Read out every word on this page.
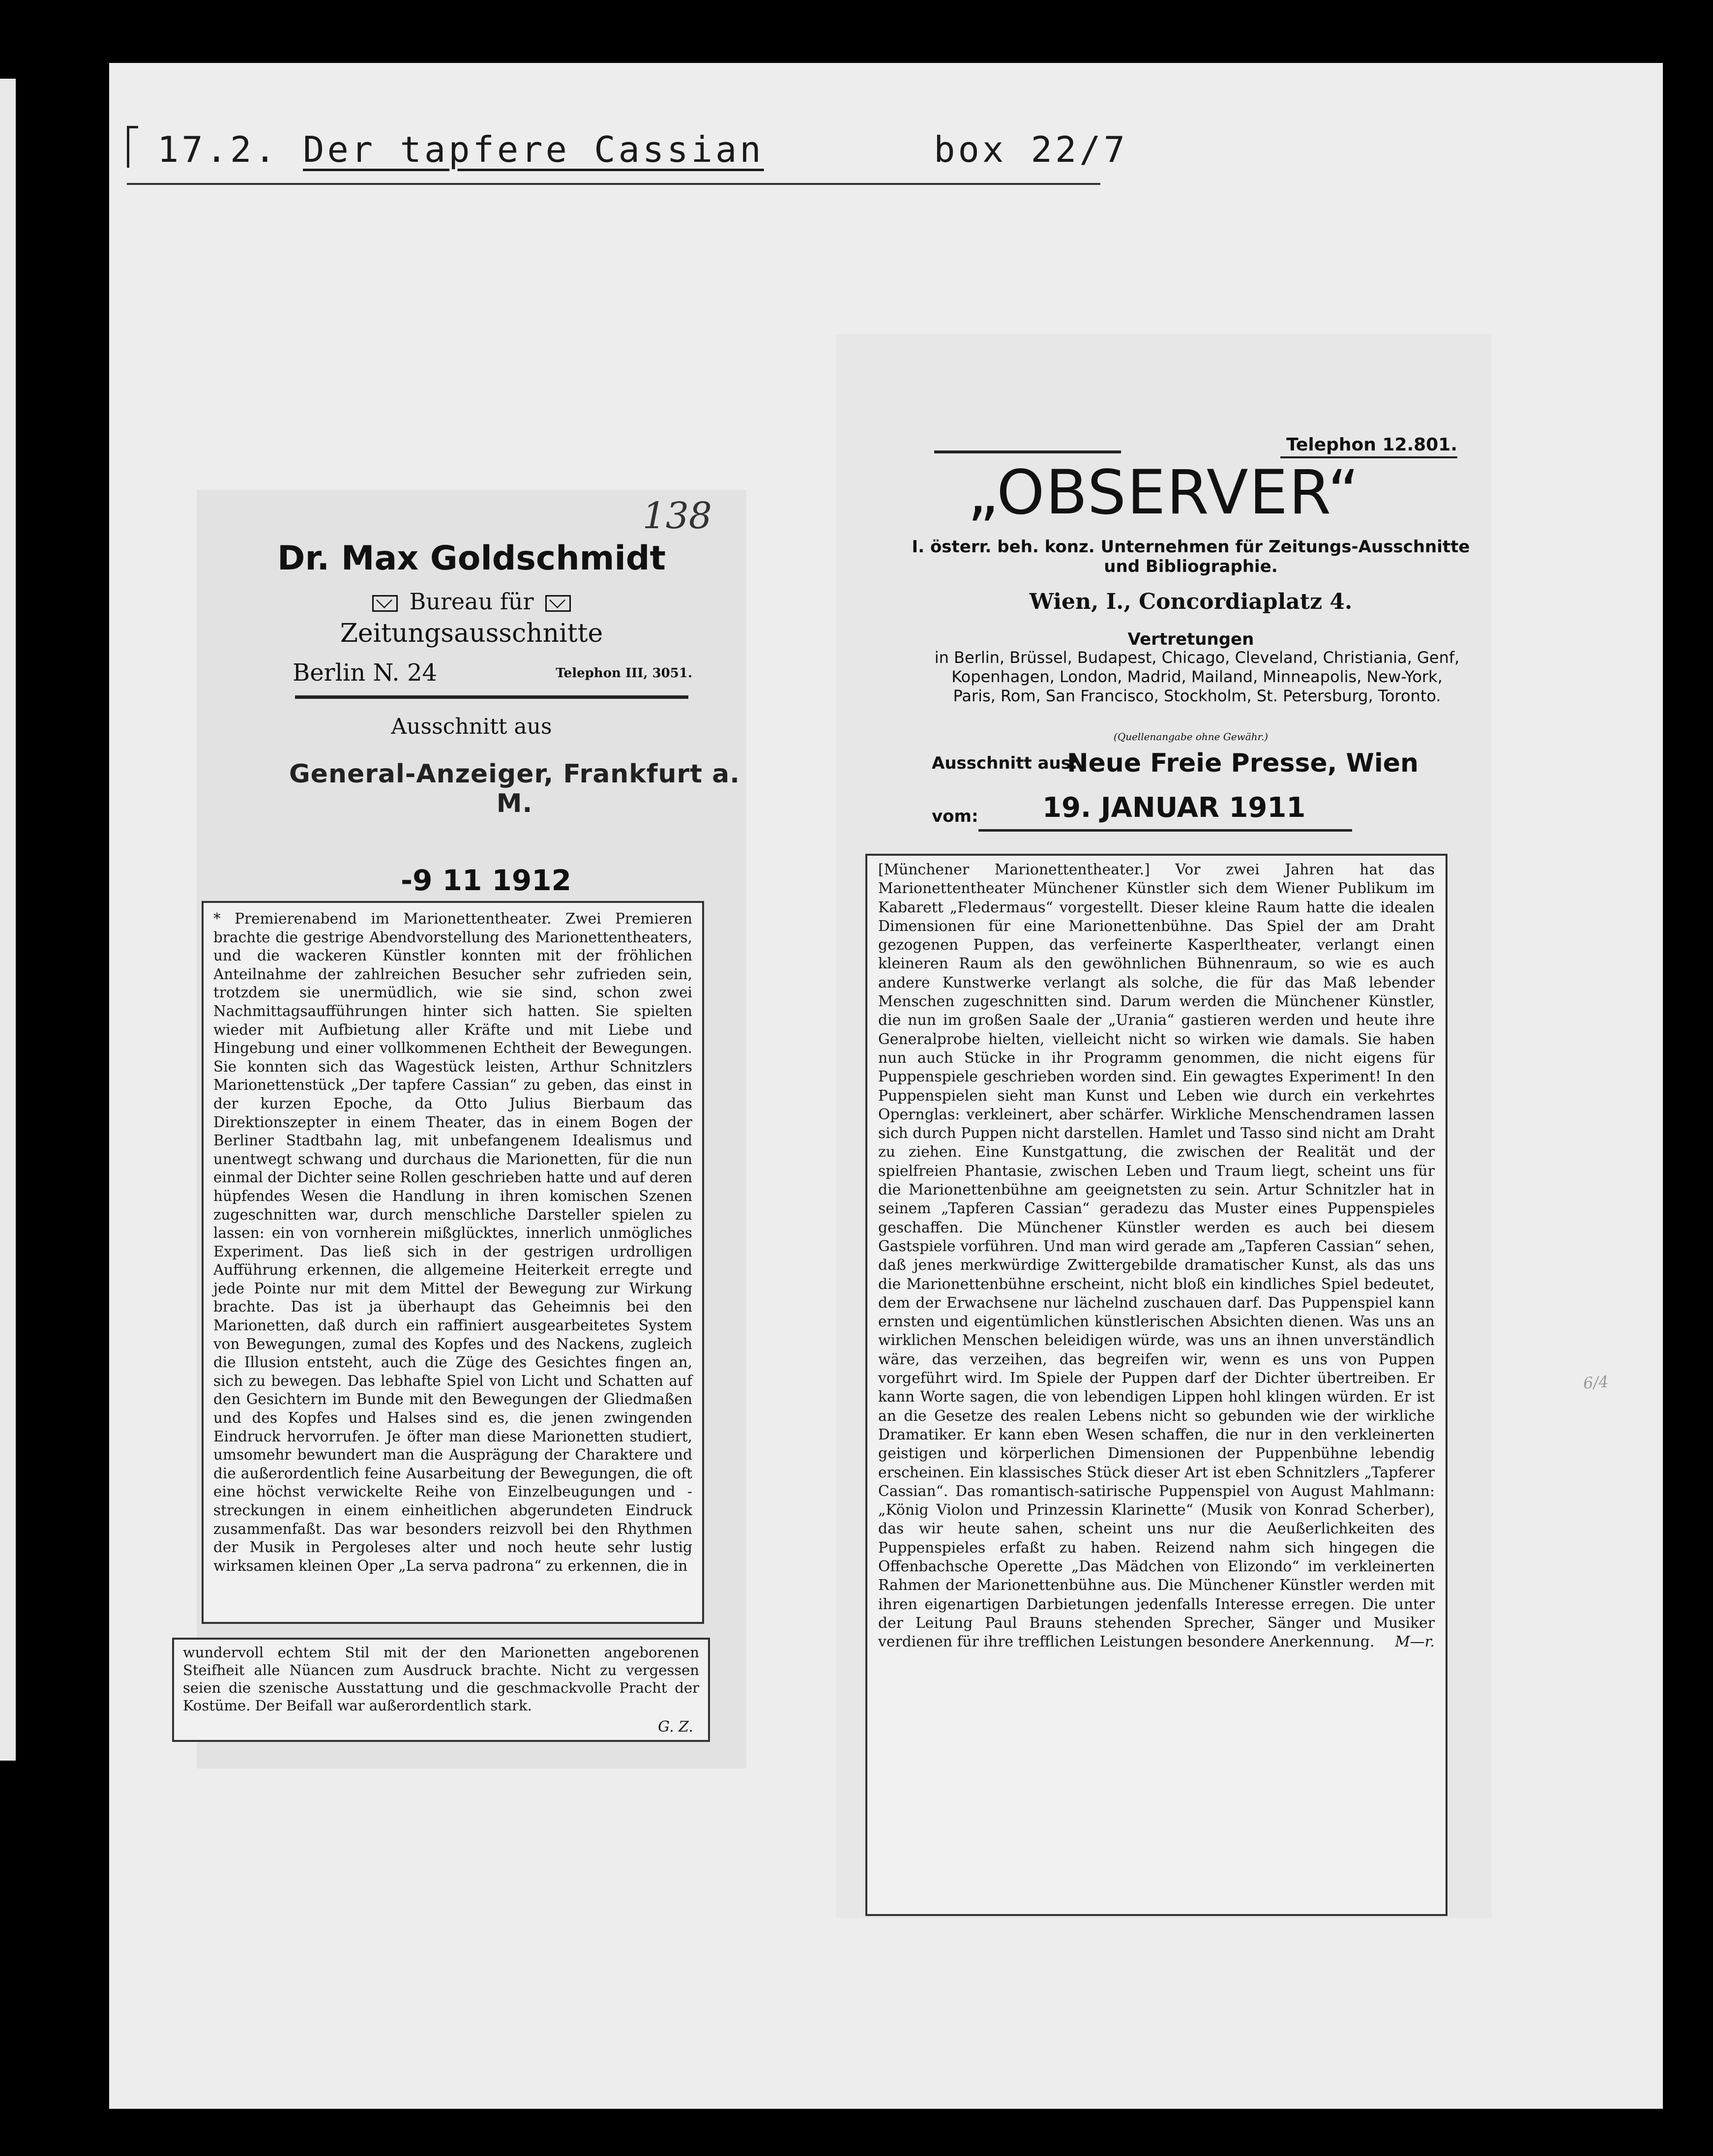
17.2. Der tapfere Cassian	box 22/7
138
Dr. Max Goldschmidt
Bureau für
Zeitungsausschnitte
Berlin N. 24	Telephon III, 3051.
Ausschnitt aus
General-Anzeiger, Frankfurt a. M.
-9 11 1912

* Premierenabend im Marionettentheater. Zwei Premieren brachte die gestrige Abendvorstellung des Marionettentheaters, und die wackeren Künstler konnten mit der fröhlichen Anteilnahme der zahlreichen Besucher sehr zufrieden sein, trotzdem sie unermüdlich, wie sie sind, schon zwei Nachmittagsaufführungen hinter sich hatten. Sie spielten wieder mit Aufbietung aller Kräfte und mit Liebe und Hingebung und einer vollkommenen Echtheit der Bewegungen. Sie konnten sich das Wagestück leisten, Arthur Schnitzlers Marionettenstück „Der tapfere Cassian“ zu geben, das einst in der kurzen Epoche, da Otto Julius Bierbaum das Direktionszepter in einem Theater, das in einem Bogen der Berliner Stadtbahn lag, mit unbefangenem Idealismus und unentwegt schwang und durchaus die Marionetten, für die nun einmal der Dichter seine Rollen geschrieben hatte und auf deren hüpfendes Wesen die Handlung in ihren komischen Szenen zugeschnitten war, durch menschliche Darsteller spielen zu lassen: ein von vornherein mißglücktes, innerlich unmögliches Experiment. Das ließ sich in der gestrigen urdrolligen Aufführung erkennen, die allgemeine Heiterkeit erregte und jede Pointe nur mit dem Mittel der Bewegung zur Wirkung brachte. Das ist ja überhaupt das Geheimnis bei den Marionetten, daß durch ein raffiniert ausgearbeitetes System von Bewegungen, zumal des Kopfes und des Nackens, zugleich die Illusion entsteht, auch die Züge des Gesichtes fingen an, sich zu bewegen. Das lebhafte Spiel von Licht und Schatten auf den Gesichtern im Bunde mit den Bewegungen der Gliedmaßen und des Kopfes und Halses sind es, die jenen zwingenden Eindruck hervorrufen. Je öfter man diese Marionetten studiert, umsomehr bewundert man die Ausprägung der Charaktere und die außerordentlich feine Ausarbeitung der Bewegungen, die oft eine höchst verwickelte Reihe von Einzelbeugungen und -streckungen in einem einheitlichen abgerundeten Eindruck zusammenfaßt. Das war besonders reizvoll bei den Rhythmen der Musik in Pergoleses alter und noch heute sehr lustig wirksamen kleinen Oper „La serva padrona“ zu erkennen, die in

wundervoll echtem Stil mit der den Marionetten angeborenen Steifheit alle Nüancen zum Ausdruck brachte. Nicht zu vergessen seien die szenische Ausstattung und die geschmackvolle Pracht der Kostüme. Der Beifall war außerordentlich stark.

G. Z.
Telephon 12.801.
„OBSERVER“
I. österr. beh. konz. Unternehmen für Zeitungs-Ausschnitte und Bibliographie.
Wien, I., Concordiaplatz 4.
Vertretungen
in Berlin, Brüssel, Budapest, Chicago, Cleveland, Christiania, Genf, Kopenhagen, London, Madrid, Mailand, Minneapolis, New-York, Paris, Rom, San Francisco, Stockholm, St. Petersburg, Toronto.
(Quellenangabe ohne Gewähr.)
Ausschnitt aus:
Neue Freie Presse, Wien
vom: 19. JANUAR 1911

[Münchener Marionettentheater.] Vor zwei Jahren hat das Marionettentheater Münchener Künstler sich dem Wiener Publikum im Kabarett „Fledermaus“ vorgestellt. Dieser kleine Raum hatte die idealen Dimensionen für eine Marionettenbühne. Das Spiel der am Draht gezogenen Puppen, das verfeinerte Kasperltheater, verlangt einen kleineren Raum als den gewöhnlichen Bühnenraum, so wie es auch andere Kunstwerke verlangt als solche, die für das Maß lebender Menschen zugeschnitten sind. Darum werden die Münchener Künstler, die nun im großen Saale der „Urania“ gastieren werden und heute ihre Generalprobe hielten, vielleicht nicht so wirken wie damals. Sie haben nun auch Stücke in ihr Programm genommen, die nicht eigens für Puppenspiele geschrieben worden sind. Ein gewagtes Experiment! In den Puppenspielen sieht man Kunst und Leben wie durch ein verkehrtes Opernglas: verkleinert, aber schärfer. Wirkliche Menschendramen lassen sich durch Puppen nicht darstellen. Hamlet und Tasso sind nicht am Draht zu ziehen. Eine Kunstgattung, die zwischen der Realität und der spielfreien Phantasie, zwischen Leben und Traum liegt, scheint uns für die Marionettenbühne am geeignetsten zu sein. Artur Schnitzler hat in seinem „Tapferen Cassian“ geradezu das Muster eines Puppenspieles geschaffen. Die Münchener Künstler werden es auch bei diesem Gastspiele vorführen. Und man wird gerade am „Tapferen Cassian“ sehen, daß jenes merkwürdige Zwittergebilde dramatischer Kunst, als das uns die Marionettenbühne erscheint, nicht bloß ein kindliches Spiel bedeutet, dem der Erwachsene nur lächelnd zuschauen darf. Das Puppenspiel kann ernsten und eigentümlichen künstlerischen Absichten dienen. Was uns an wirklichen Menschen beleidigen würde, was uns an ihnen unverständlich wäre, das verzeihen, das begreifen wir, wenn es uns von Puppen vorgeführt wird. Im Spiele der Puppen darf der Dichter übertreiben. Er kann Worte sagen, die von lebendigen Lippen hohl klingen würden. Er ist an die Gesetze des realen Lebens nicht so gebunden wie der wirkliche Dramatiker. Er kann eben Wesen schaffen, die nur in den verkleinerten geistigen und körperlichen Dimensionen der Puppenbühne lebendig erscheinen. Ein klassisches Stück dieser Art ist eben Schnitzlers „Tapferer Cassian“. Das romantisch-satirische Puppenspiel von August Mahlmann: „König Violon und Prinzessin Klarinette“ (Musik von Konrad Scherber), das wir heute sahen, scheint uns nur die Aeußerlichkeiten des Puppenspieles erfaßt zu haben. Reizend nahm sich hingegen die Offenbachsche Operette „Das Mädchen von Elizondo“ im verkleinerten Rahmen der Marionettenbühne aus. Die Münchener Künstler werden mit ihren eigenartigen Darbietungen jedenfalls Interesse erregen. Die unter der Leitung Paul Brauns stehenden Sprecher, Sänger und Musiker verdienen für ihre trefflichen Leistungen besondere Anerkennung. M—r.

6/4
